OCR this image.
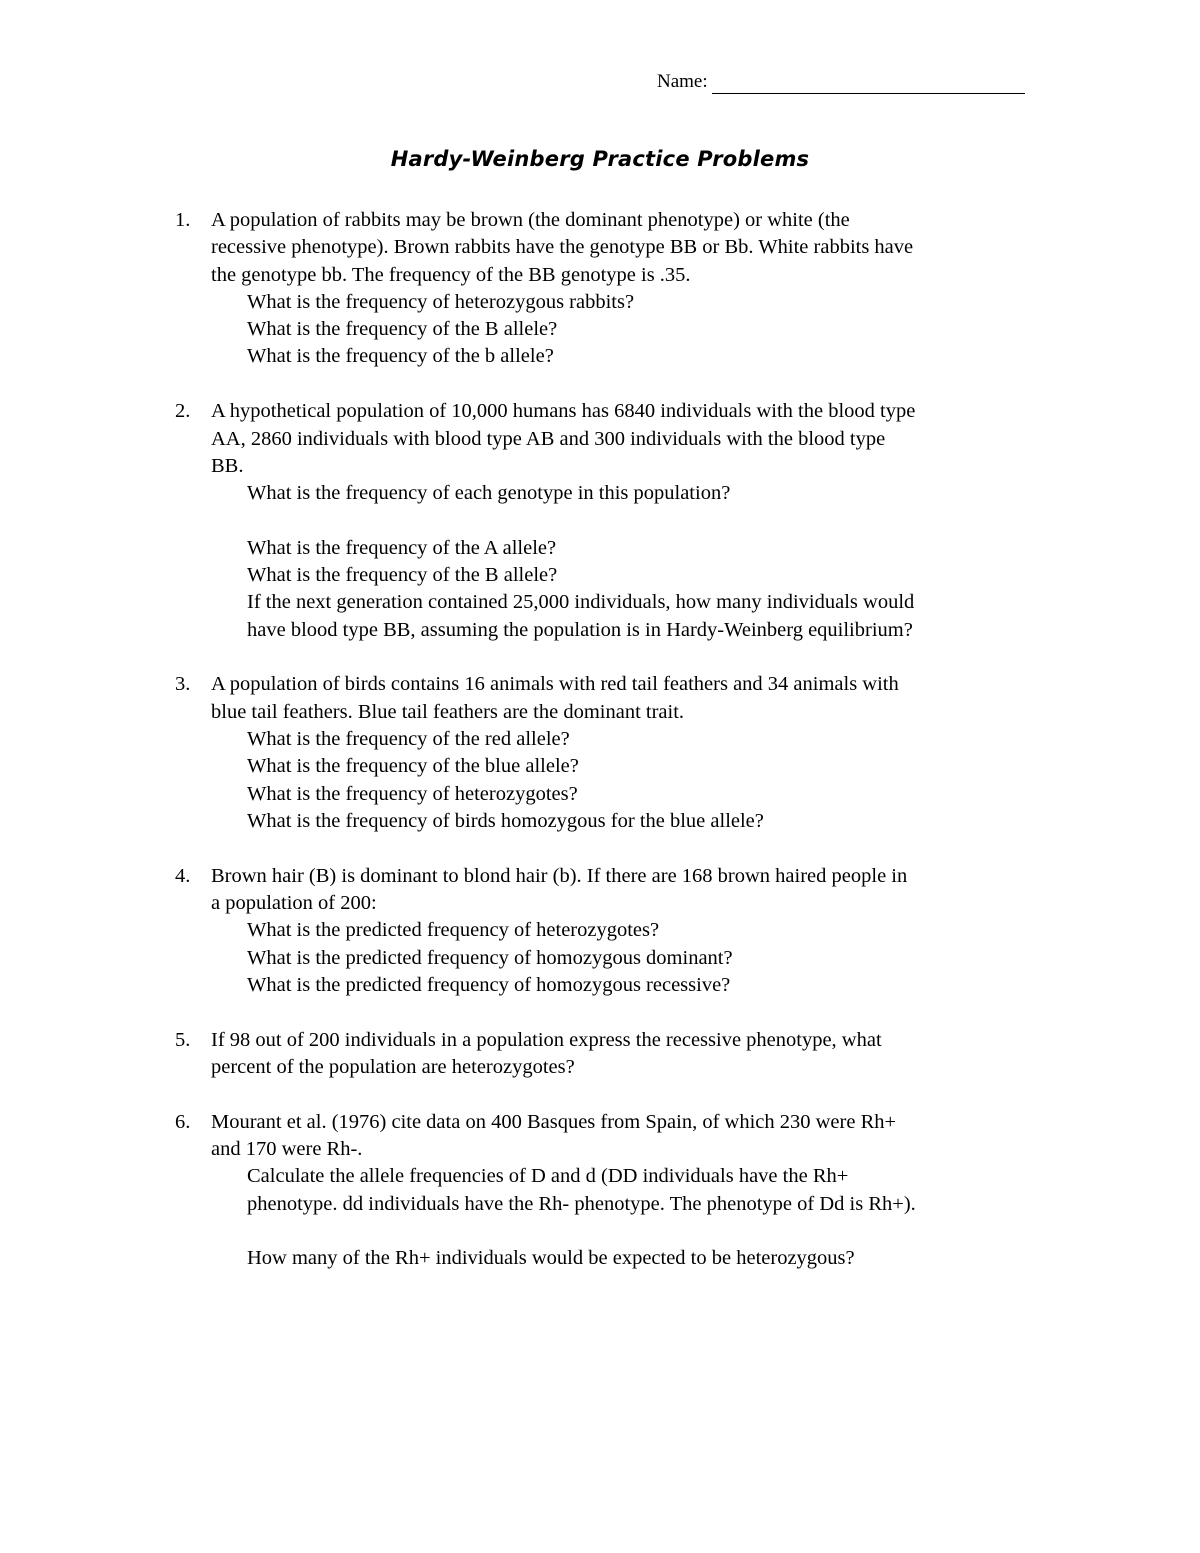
Name:
Hardy-Weinberg Practice Problems
1.	A population of rabbits may be brown (the dominant phenotype) or white (the
recessive phenotype). Brown rabbits have the genotype BB or Bb. White rabbits have
the genotype bb. The frequency of the BB genotype is .35.
What is the frequency of heterozygous rabbits?
What is the frequency of the B allele?
What is the frequency of the b allele?
2.	A hypothetical population of 10,000 humans has 6840 individuals with the blood type
AA, 2860 individuals with blood type AB and 300 individuals with the blood type
BB.
What is the frequency of each genotype in this population?
What is the frequency of the A allele?
What is the frequency of the B allele?
If the next generation contained 25,000 individuals, how many individuals would
have blood type BB, assuming the population is in Hardy-Weinberg equilibrium?
3.	A population of birds contains 16 animals with red tail feathers and 34 animals with
blue tail feathers. Blue tail feathers are the dominant trait.
What is the frequency of the red allele?
What is the frequency of the blue allele?
What is the frequency of heterozygotes?
What is the frequency of birds homozygous for the blue allele?
4.	Brown hair (B) is dominant to blond hair (b). If there are 168 brown haired people in
a population of 200:
What is the predicted frequency of heterozygotes?
What is the predicted frequency of homozygous dominant?
What is the predicted frequency of homozygous recessive?
5.	If 98 out of 200 individuals in a population express the recessive phenotype, what
percent of the population are heterozygotes?
6.	Mourant et al. (1976) cite data on 400 Basques from Spain, of which 230 were Rh+
and 170 were Rh-.
Calculate the allele frequencies of D and d (DD individuals have the Rh+
phenotype. dd individuals have the Rh- phenotype. The phenotype of Dd is Rh+).
How many of the Rh+ individuals would be expected to be heterozygous?
